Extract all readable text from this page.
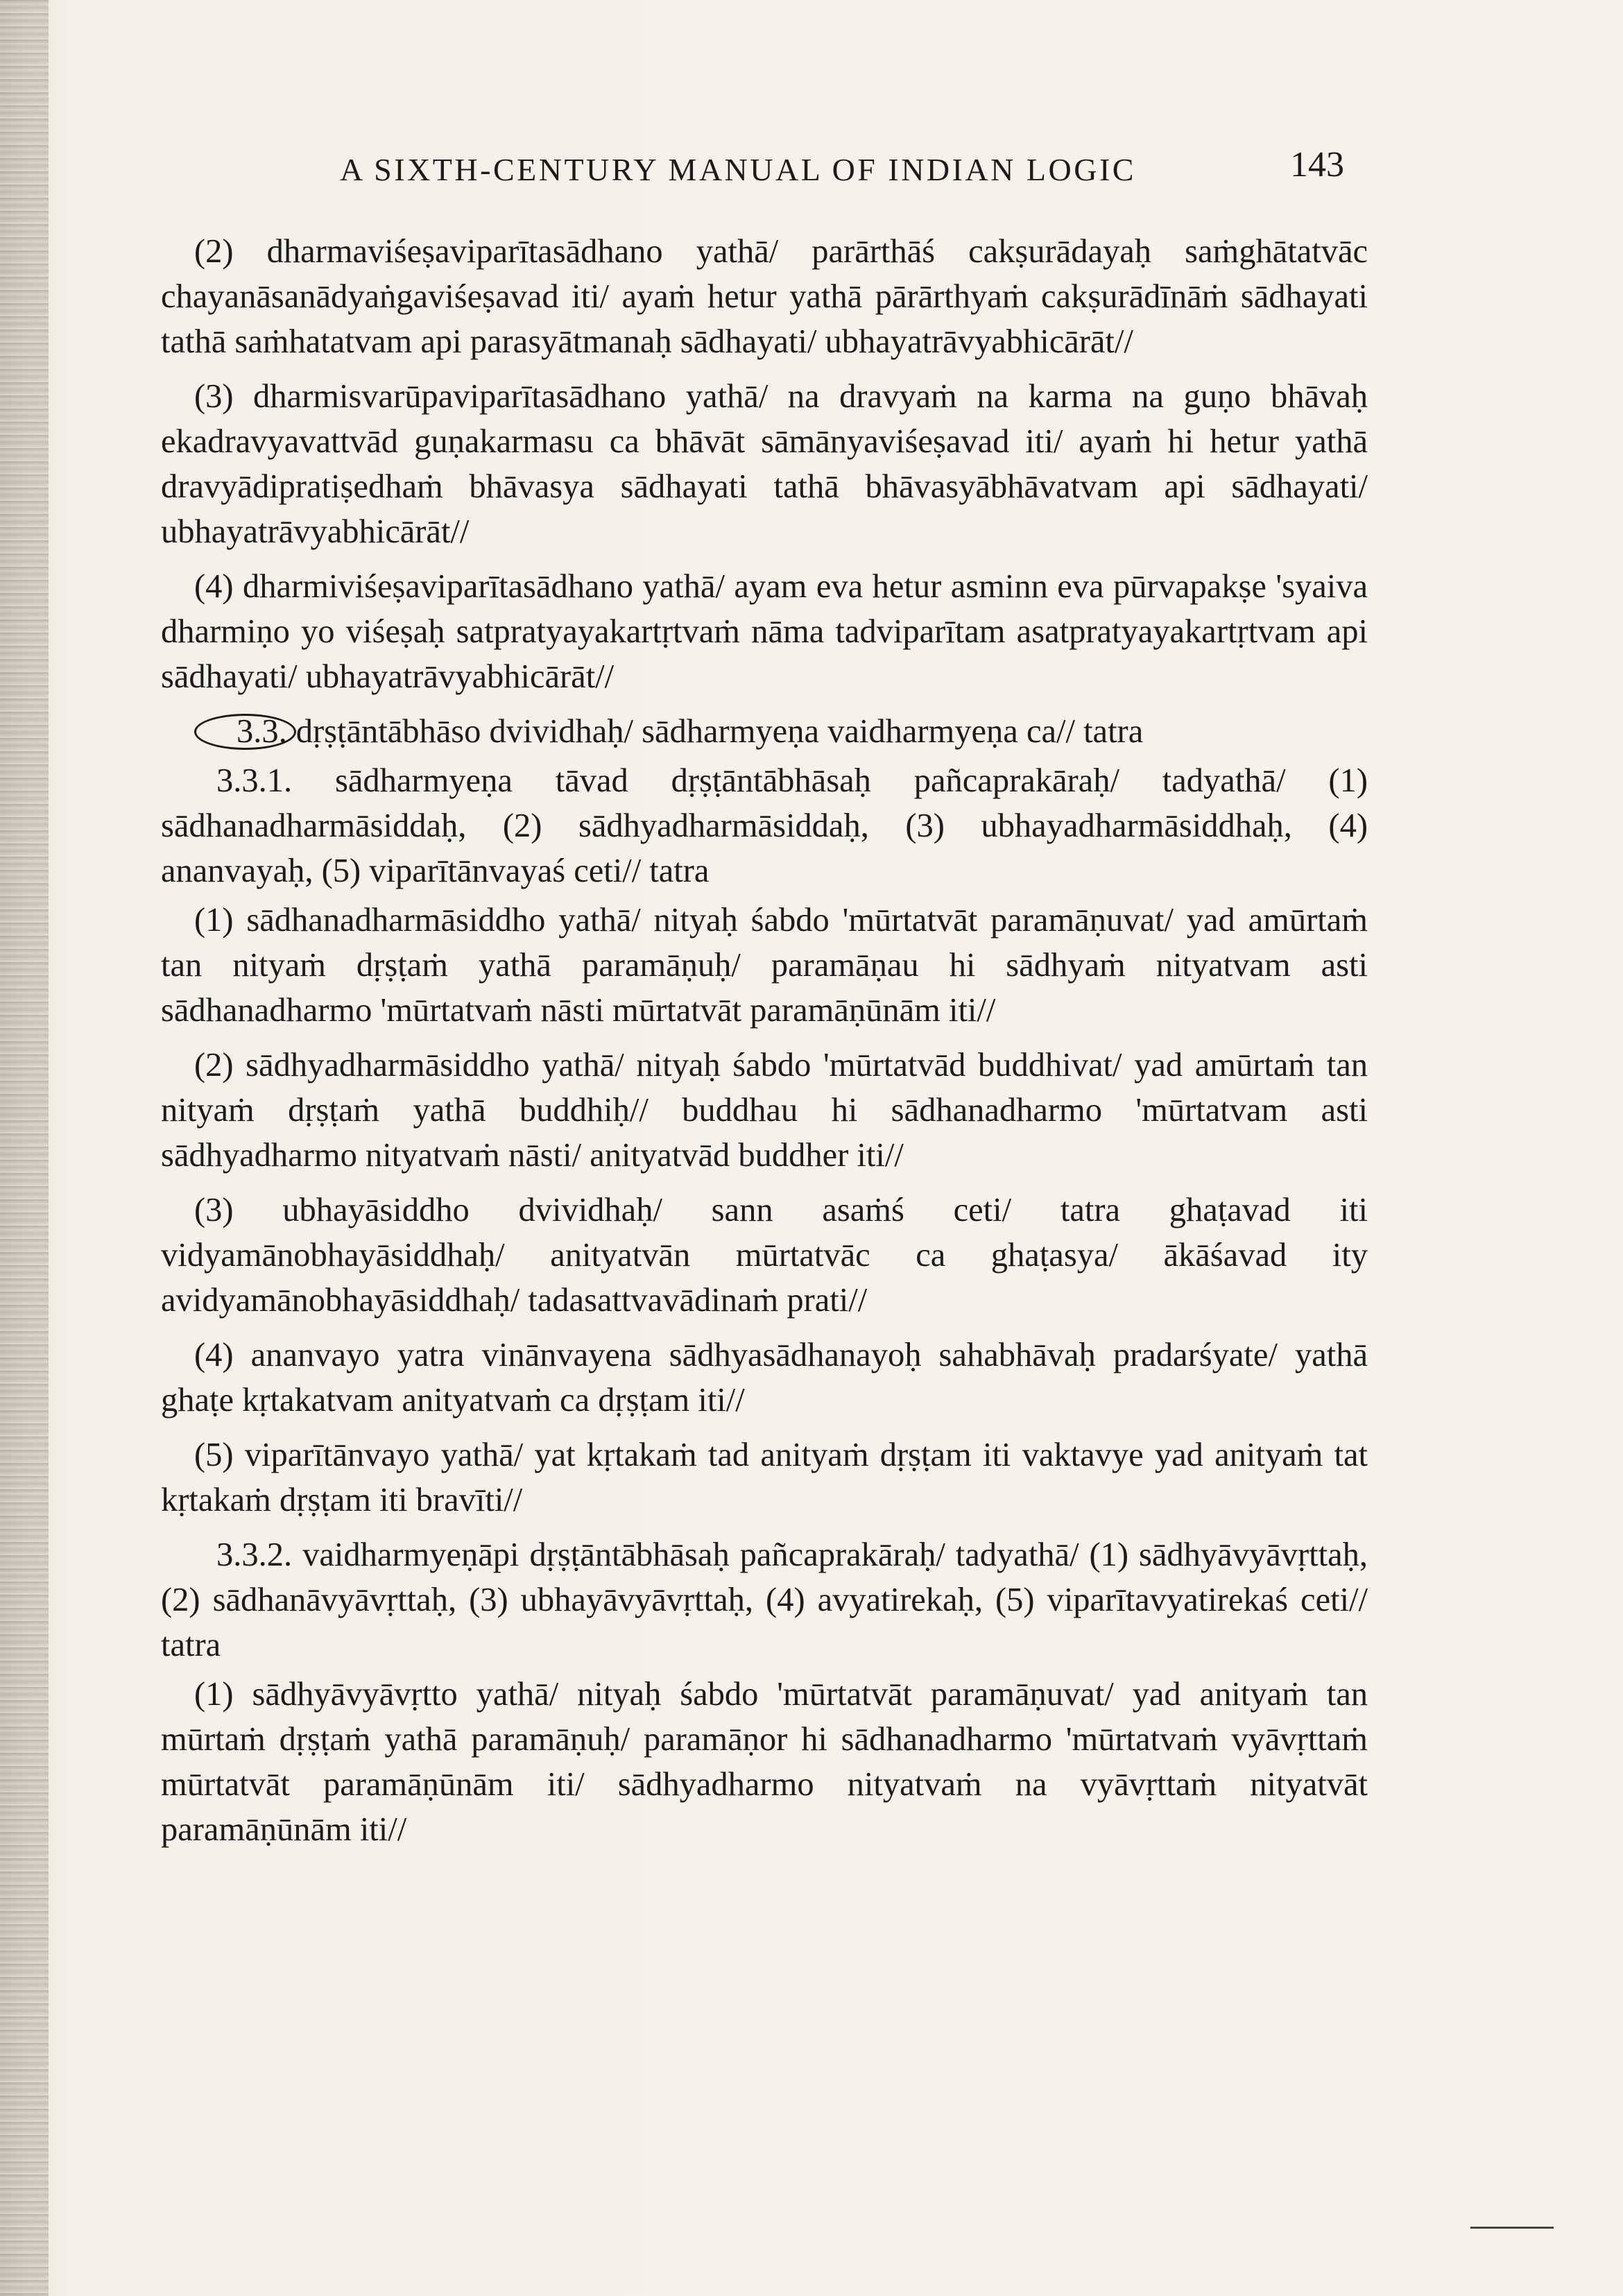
A SIXTH-CENTURY MANUAL OF INDIAN LOGIC	143

(2) dharmaviśeṣaviparītasādhano yathā/ parārthāś cakṣurādayaḥ saṁghātatvāc chayanāsanādyaṅgaviśeṣavad iti/ ayaṁ hetur yathā pārārthyaṁ cakṣurādīnāṁ sādhayati tathā saṁhatatvam api parasyātmanaḥ sādhayati/ ubhayatrāvyabhicārāt//

(3) dharmisvarūpaviparītasādhano yathā/ na dravyaṁ na karma na guṇo bhāvaḥ ekadravyavattvād guṇakarmasu ca bhāvāt sāmānyaviśeṣavad iti/ ayaṁ hi hetur yathā dravyādipratiṣedhaṁ bhāvasya sādhayati tathā bhāvasyābhāvatvam api sādhayati/ ubhayatrāvyabhicārāt//

(4) dharmiviśeṣaviparītasādhano yathā/ ayam eva hetur asminn eva pūrvapakṣe 'syaiva dharmiṇo yo viśeṣaḥ satpratyayakartṛtvaṁ nāma tadviparītam asatpratyayakartṛtvam api sādhayati/ ubhayatrāvyabhicārāt//

3.3. dṛṣṭāntābhāso dvividhaḥ/ sādharmyeṇa vaidharmyeṇa ca// tatra

3.3.1. sādharmyeṇa tāvad dṛṣṭāntābhāsaḥ pañcaprakāraḥ/ tadyathā/ (1) sādhanadharmāsiddaḥ, (2) sādhyadharmāsiddaḥ, (3) ubhayadharmāsiddhaḥ, (4) ananvayaḥ, (5) viparītānvayaś ceti// tatra

(1) sādhanadharmāsiddho yathā/ nityaḥ śabdo 'mūrtatvāt paramāṇuvat/ yad amūrtaṁ tan nityaṁ dṛṣṭaṁ yathā paramāṇuḥ/ paramāṇau hi sādhyaṁ nityatvam asti sādhanadharmo 'mūrtatvaṁ nāsti mūrtatvāt paramāṇūnām iti//

(2) sādhyadharmāsiddho yathā/ nityaḥ śabdo 'mūrtatvād buddhivat/ yad amūrtaṁ tan nityaṁ dṛṣṭaṁ yathā buddhiḥ// buddhau hi sādhanadharmo 'mūrtatvam asti sādhyadharmo nityatvaṁ nāsti/ anityatvād buddher iti//

(3) ubhayāsiddho dvividhaḥ/ sann asaṁś ceti/ tatra ghaṭavad iti vidyamānobhayāsiddhaḥ/ anityatvān mūrtatvāc ca ghaṭasya/ ākāśavad ity avidyamānobhayāsiddhaḥ/ tadasattvavādinaṁ prati//

(4) ananvayo yatra vinānvayena sādhyasādhanayoḥ sahabhāvaḥ pradarśyate/ yathā ghaṭe kṛtakatvam anityatvaṁ ca dṛṣṭam iti//

(5) viparītānvayo yathā/ yat kṛtakaṁ tad anityaṁ dṛṣṭam iti vaktavye yad anityaṁ tat kṛtakaṁ dṛṣṭam iti bravīti//

3.3.2. vaidharmyeṇāpi dṛṣṭāntābhāsaḥ pañcaprakāraḥ/ tadyathā/ (1) sādhyāvyāvṛttaḥ, (2) sādhanāvyāvṛttaḥ, (3) ubhayāvyāvṛttaḥ, (4) avyatirekaḥ, (5) viparītavyatirekaś ceti// tatra

(1) sādhyāvyāvṛtto yathā/ nityaḥ śabdo 'mūrtatvāt paramāṇuvat/ yad anityaṁ tan mūrtaṁ dṛṣṭaṁ yathā paramāṇuḥ/ paramāṇor hi sādhanadharmo 'mūrtatvaṁ vyāvṛttaṁ mūrtatvāt paramāṇūnām iti/ sādhyadharmo nityatvaṁ na vyāvṛttaṁ nityatvāt paramāṇūnām iti//
